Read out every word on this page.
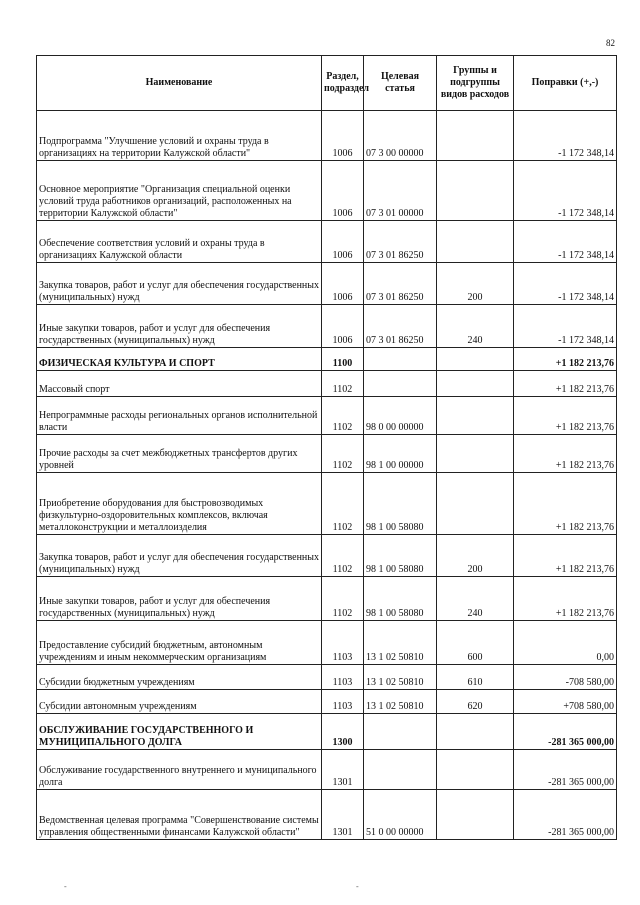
82
Наименование	Раздел, подраздел	Целевая статья	Группы и подгруппы видов расходов	Поправки (+,-)
Подпрограмма "Улучшение условий и охраны труда в организациях на территории Калужской области"	1006	07 3 00 00000		-1 172 348,14
Основное мероприятие "Организация специальной оценки условий труда работников организаций, расположенных на территории Калужской области"	1006	07 3 01 00000		-1 172 348,14
Обеспечение соответствия условий и охраны труда в организациях Калужской области	1006	07 3 01 86250		-1 172 348,14
Закупка товаров, работ и услуг для обеспечения государственных (муниципальных) нужд	1006	07 3 01 86250	200	-1 172 348,14
Иные закупки товаров, работ и услуг для обеспечения государственных (муниципальных) нужд	1006	07 3 01 86250	240	-1 172 348,14
ФИЗИЧЕСКАЯ КУЛЬТУРА И СПОРТ	1100			+1 182 213,76
Массовый спорт	1102			+1 182 213,76
Непрограммные расходы региональных органов исполнительной власти	1102	98 0 00 00000		+1 182 213,76
Прочие расходы за счет межбюджетных трансфертов других уровней	1102	98 1 00 00000		+1 182 213,76
Приобретение оборудования для быстровозводимых физкультурно-оздоровительных комплексов, включая металлоконструкции и металлоизделия	1102	98 1 00 58080		+1 182 213,76
Закупка товаров, работ и услуг для обеспечения государственных (муниципальных) нужд	1102	98 1 00 58080	200	+1 182 213,76
Иные закупки товаров, работ и услуг для обеспечения государственных (муниципальных) нужд	1102	98 1 00 58080	240	+1 182 213,76
Предоставление субсидий бюджетным, автономным учреждениям и иным некоммерческим организациям	1103	13 1 02 50810	600	0,00
Субсидии бюджетным учреждениям	1103	13 1 02 50810	610	-708 580,00
Субсидии автономным учреждениям	1103	13 1 02 50810	620	+708 580,00
ОБСЛУЖИВАНИЕ ГОСУДАРСТВЕННОГО И МУНИЦИПАЛЬНОГО ДОЛГА	1300			-281 365 000,00
Обслуживание государственного внутреннего и муниципального долга	1301			-281 365 000,00
Ведомственная целевая программа "Совершенствование системы управления общественными финансами Калужской области"	1301	51 0 00 00000		-281 365 000,00
-	-
